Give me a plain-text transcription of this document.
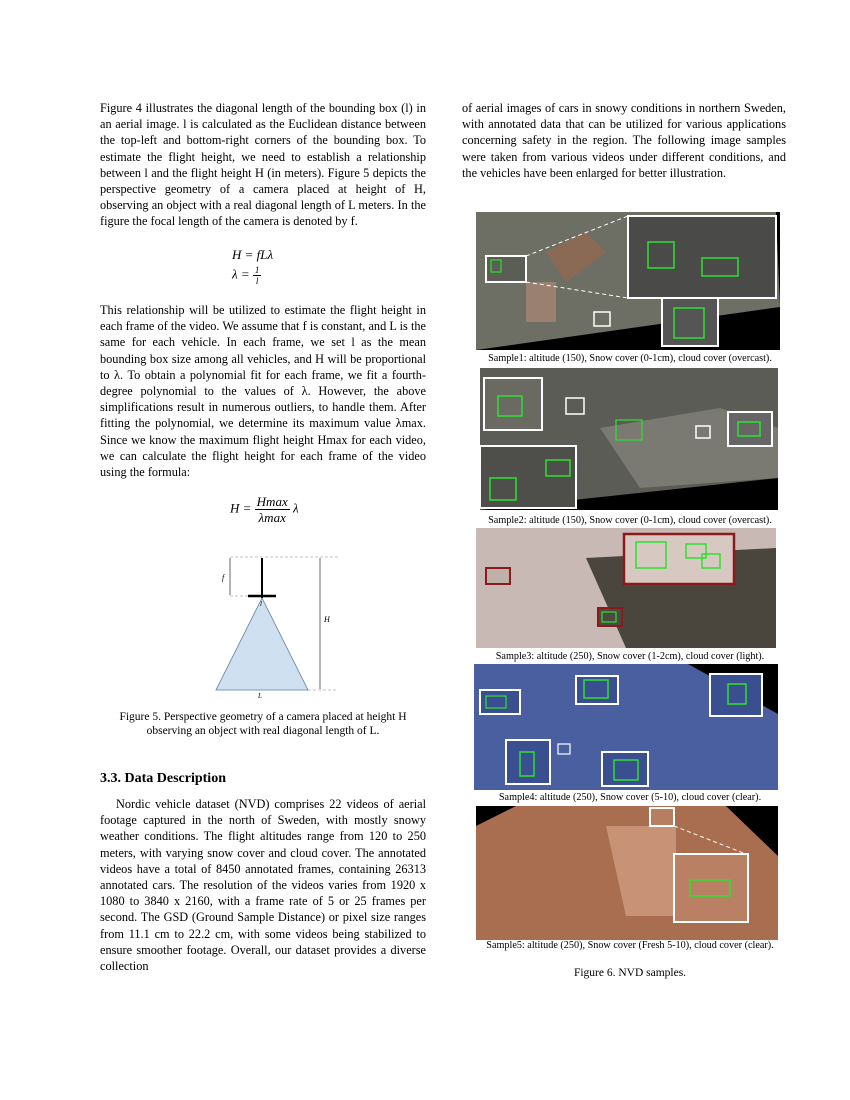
Figure 4 illustrates the diagonal length of the bounding box (l) in an aerial image. l is calculated as the Euclidean distance between the top-left and bottom-right corners of the bounding box. To estimate the flight height, we need to establish a relationship between l and the flight height H (in meters). Figure 5 depicts the perspective geometry of a camera placed at height of H, observing an object with a real diagonal length of L meters. In the figure the focal length of the camera is denoted by f.

H = fLλ
$\lambda = \frac{1}{l}$

This relationship will be utilized to estimate the flight height in each frame of the video. We assume that f is constant, and L is the same for each vehicle. In each frame, we set l as the mean bounding box size among all vehicles, and H will be proportional to λ. To obtain a polynomial fit for each frame, we fit a fourth-degree polynomial to the values of λ. However, the above simplifications result in numerous outliers, to handle them. After fitting the polynomial, we determine its maximum value λmax. Since we know the maximum flight height Hmax for each video, we can calculate the flight height for each frame of the video using the formula:

$H = \frac{Hmax}{\lambda\max}$ λ
f
l
H
L
Figure 5. Perspective geometry of a camera placed at height H observing an object with real diagonal length of L.
3.3. Data Description

Nordic vehicle dataset (NVD) comprises 22 videos of aerial footage captured in the north of Sweden, with mostly snowy weather conditions. The flight altitudes range from 120 to 250 meters, with varying snow cover and cloud cover. The annotated videos have a total of 8450 annotated frames, containing 26313 annotated cars. The resolution of the videos varies from 1920 x 1080 to 3840 x 2160, with a frame rate of 5 or 25 frames per second. The GSD (Ground Sample Distance) or pixel size ranges from 11.1 cm to 22.2 cm, with some videos being stabilized to ensure smoother footage. Overall, our dataset provides a diverse collection

of aerial images of cars in snowy conditions in northern Sweden, with annotated data that can be utilized for various applications concerning safety in the region. The following image samples were taken from various videos under different conditions, and the vehicles have been enlarged for better illustration.

Sample1: altitude (150), Snow cover (0-1cm), cloud cover (overcast).
Sample2: altitude (150), Snow cover (0-1cm), cloud cover (overcast).
Sample3: altitude (250), Snow cover (1-2cm), cloud cover (light).
Sample4: altitude (250), Snow cover (5-10), cloud cover (clear).
Sample5: altitude (250), Snow cover (Fresh 5-10), cloud cover (clear).
Figure 6. NVD samples.
